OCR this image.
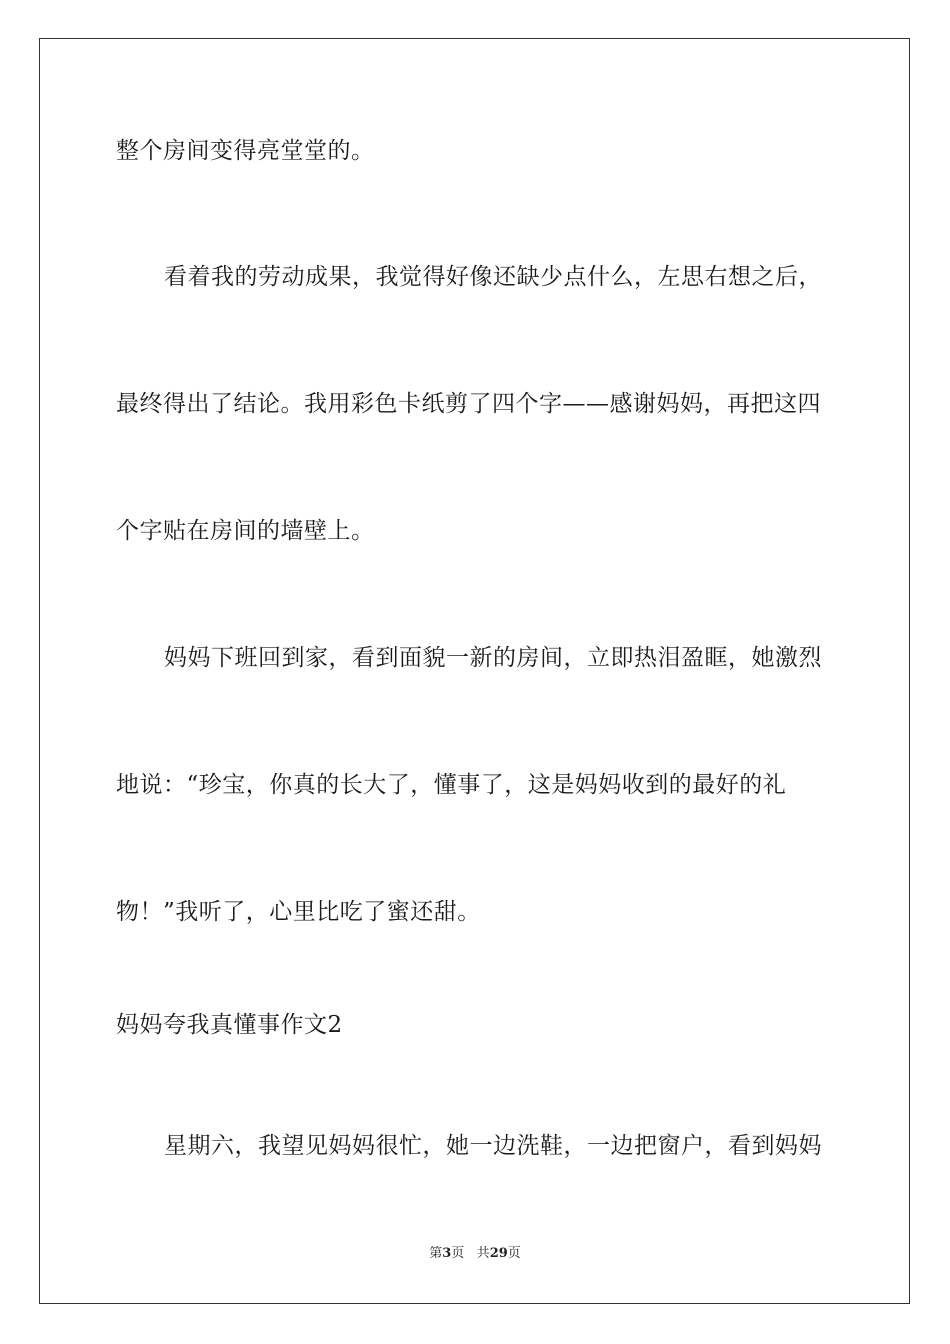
整个房间变得亮堂堂的。
看着我的劳动成果，我觉得好像还缺少点什么，左思右想之后，
最终得出了结论。我用彩色卡纸剪了四个字——感谢妈妈，再把这四
个字贴在房间的墙壁上。
妈妈下班回到家，看到面貌一新的房间，立即热泪盈眶，她激烈
地说：“珍宝，你真的长大了，懂事了，这是妈妈收到的最好的礼
物！”我听了，心里比吃了蜜还甜。
妈妈夸我真懂事作文2
星期六，我望见妈妈很忙，她一边洗鞋，一边把窗户，看到妈妈
第3页 共29页
